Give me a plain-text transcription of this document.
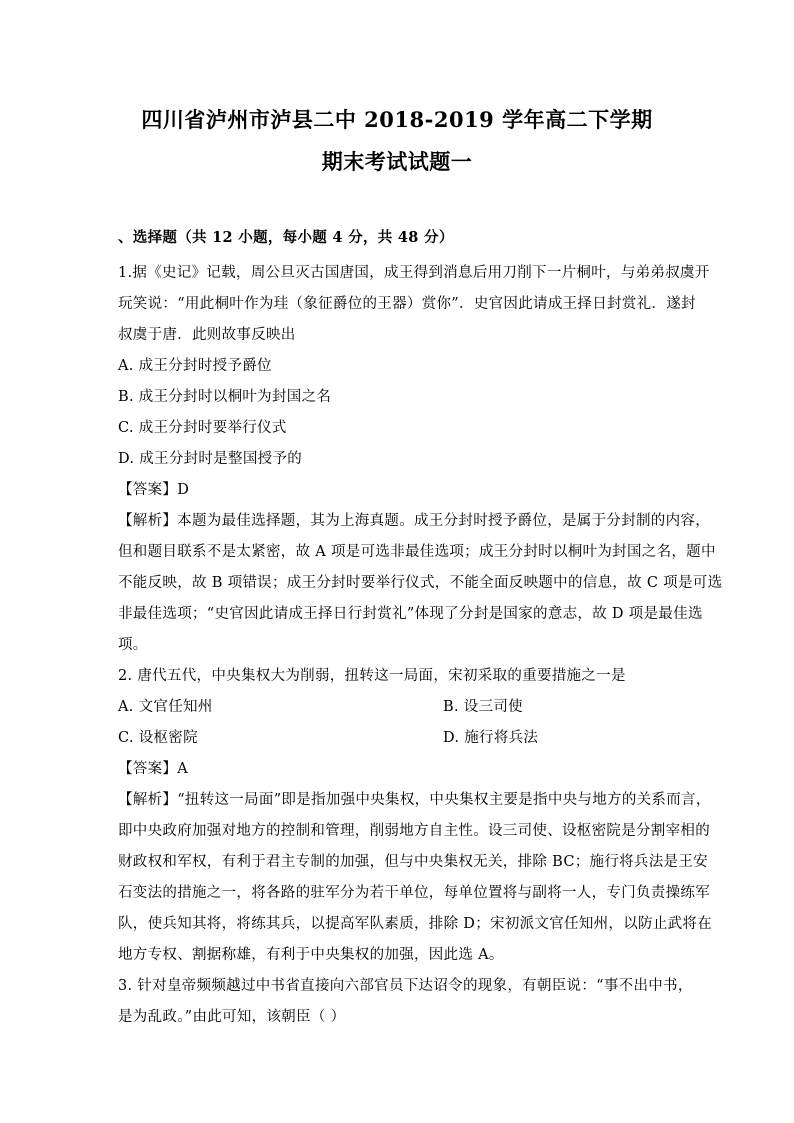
四川省泸州市泸县二中 2018-2019 学年高二下学期
期末考试试题一
、选择题（共 12 小题，每小题 4 分，共 48 分）
1.据《史记》记载，周公旦灭古国唐国，成王得到消息后用刀削下一片桐叶，与弟弟叔虞开
玩笑说：“用此桐叶作为珪（象征爵位的王器）赏你”．史官因此请成王择日封赏礼．遂封
叔虞于唐．此则故事反映出
A. 成王分封时授予爵位
B. 成王分封时以桐叶为封国之名
C. 成王分封时要举行仪式
D. 成王分封时是整国授予的
【答案】D
【解析】本题为最佳选择题，其为上海真题。成王分封时授予爵位，是属于分封制的内容，
但和题目联系不是太紧密，故 A 项是可选非最佳选项；成王分封时以桐叶为封国之名，题中
不能反映，故 B 项错误；成王分封时要举行仪式，不能全面反映题中的信息，故 C 项是可选
非最佳选项；“史官因此请成王择日行封赏礼”体现了分封是国家的意志，故 D 项是最佳选
项。
2. 唐代五代，中央集权大为削弱，扭转这一局面，宋初采取的重要措施之一是
A. 文官任知州	B. 设三司使
C. 设枢密院	D. 施行将兵法
【答案】A
【解析】“扭转这一局面”即是指加强中央集权，中央集权主要是指中央与地方的关系而言，
即中央政府加强对地方的控制和管理，削弱地方自主性。设三司使、设枢密院是分割宰相的
财政权和军权，有利于君主专制的加强，但与中央集权无关，排除 BC；施行将兵法是王安
石变法的措施之一，将各路的驻军分为若干单位，每单位置将与副将一人，专门负责操练军
队，使兵知其将，将练其兵，以提高军队素质，排除 D；宋初派文官任知州，以防止武将在
地方专权、割据称雄，有利于中央集权的加强，因此选 A。
3. 针对皇帝频频越过中书省直接向六部官员下达诏令的现象，有朝臣说：“事不出中书，
是为乱政。”由此可知，该朝臣（ ）
